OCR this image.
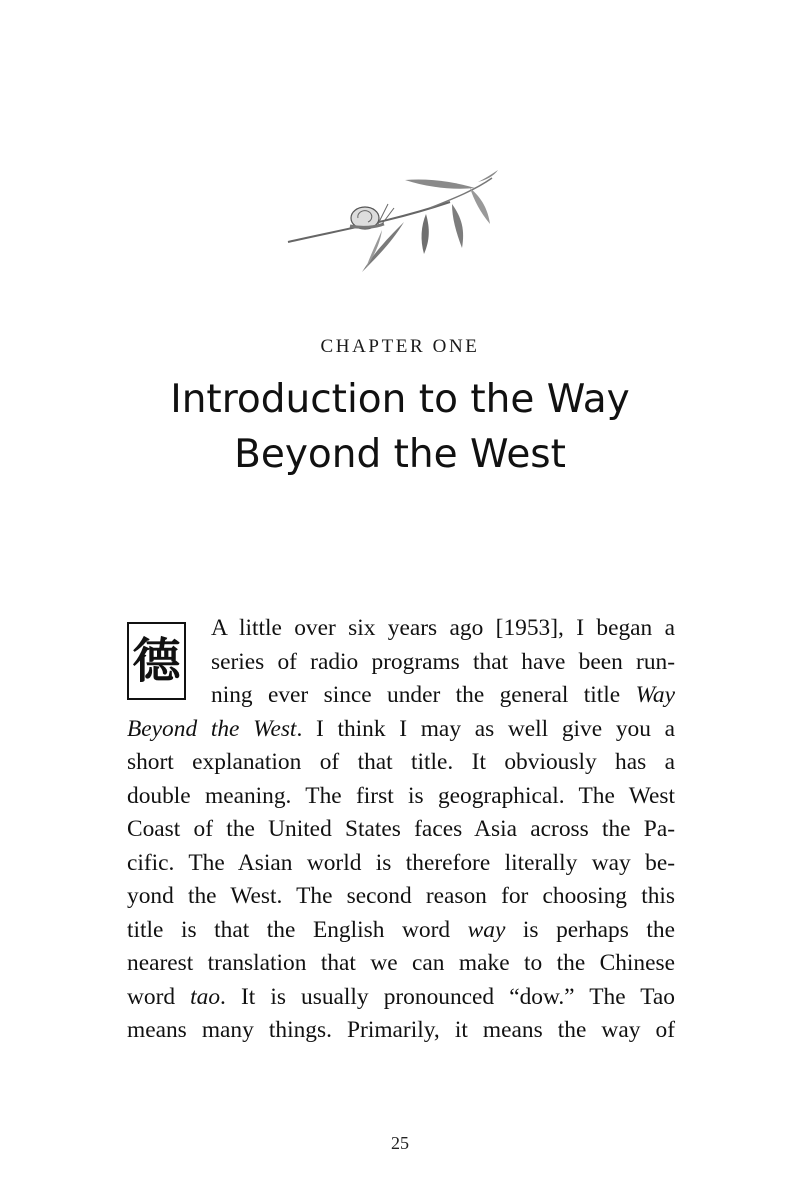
CHAPTER ONE
Introduction to the Way
Beyond the West
德
A little over six years ago [1953], I began a
series of radio programs that have been run-
ning ever since under the general title Way
Beyond the West. I think I may as well give you a
short explanation of that title. It obviously has a
double meaning. The first is geographical. The West
Coast of the United States faces Asia across the Pa-
cific. The Asian world is therefore literally way be-
yond the West. The second reason for choosing this
title is that the English word way is perhaps the
nearest translation that we can make to the Chinese
word tao. It is usually pronounced “dow.” The Tao
means many things. Primarily, it means the way of
25
